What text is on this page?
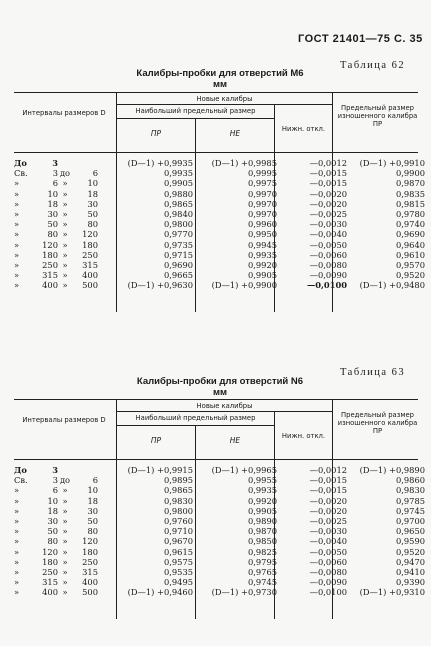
ГОСТ 21401—75 С. 35
Таблица 62
Калибры-пробки для отверстий М6
мм
Интервалы размеров D
Новые калибры
Наибольший предельный размер
ПР	НЕ	Нижн. откл.
Предельный размер изношенного калибра ПР
До 3	(D—1) +0,9935	(D—1) +0,9985	—0,0012	(D—1) +0,9910
Св. 3 до 6	0,9935	0,9995	—0,0015	0,9900
» 6 » 10	0,9905	0,9975	—0,0015	0,9870
» 10 » 18	0,9880	0,9970	—0,0020	0,9835
» 18 » 30	0,9865	0,9970	—0,0020	0,9815
» 30 » 50	0,9840	0,9970	—0,0025	0,9780
» 50 » 80	0,9800	0,9960	—0,0030	0,9740
» 80 » 120	0,9770	0,9950	—0,0040	0,9690
» 120 » 180	0,9735	0,9945	—0,0050	0,9640
» 180 » 250	0,9715	0,9935	—0,0060	0,9610
» 250 » 315	0,9690	0,9920	—0,0080	0,9570
» 315 » 400	0,9665	0,9905	—0,0090	0,9520
» 400 » 500	(D—1) +0,9630	(D—1) +0,9900	—0,0100	(D—1) +0,9480
Таблица 63
Калибры-пробки для отверстий N6
мм
Интервалы размеров D
Новые калибры
Наибольший предельный размер
ПР	НЕ	Нижн. откл.
Предельный размер изношенного калибра ПР
До 3	(D—1) +0,9915	(D—1) +0,9965	—0,0012	(D—1) +0,9890
Св. 3 до 6	0,9895	0,9955	—0,0015	0,9860
» 6 » 10	0,9865	0,9935	—0,0015	0,9830
» 10 » 18	0,9830	0,9920	—0,0020	0,9785
» 18 » 30	0,9800	0,9905	—0,0020	0,9745
» 30 » 50	0,9760	0,9890	—0,0025	0,9700
» 50 » 80	0,9710	0,9870	—0,0030	0,9650
» 80 » 120	0,9670	0,9850	—0,0040	0,9590
» 120 » 180	0,9615	0,9825	—0,0050	0,9520
» 180 » 250	0,9575	0,9795	—0,0060	0,9470
» 250 » 315	0,9535	0,9765	—0,0080	0,9410
» 315 » 400	0,9495	0,9745	—0,0090	0,9390
» 400 » 500	(D—1) +0,9460	(D—1) +0,9730	—0,0100	(D—1) +0,9310
